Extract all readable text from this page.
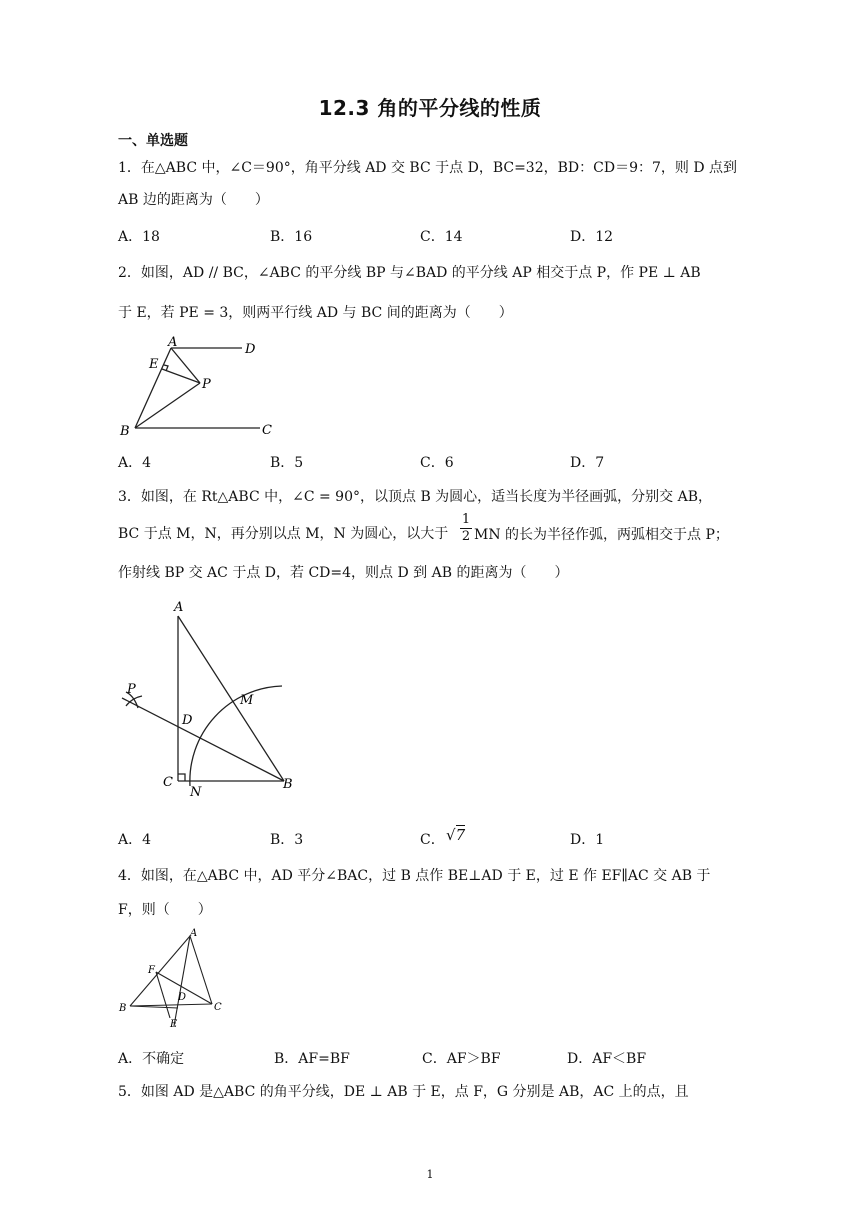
12.3 角的平分线的性质
一、单选题
1．在△ABC 中，∠C＝90°，角平分线 AD 交 BC 于点 D，BC=32，BD：CD＝9：7，则 D 点到
AB 边的距离为（　　）
A．18	B．16	C．14	D．12
2．如图，AD // BC，∠ABC 的平分线 BP 与∠BAD 的平分线 AP 相交于点 P，作 PE ⊥ AB
于 E，若 PE = 3，则两平行线 AD 与 BC 间的距离为（　　）
A	D
E
P
B	C
A．4	B．5	C．6	D．7
3．如图，在 Rt△ABC 中，∠C = 90°，以顶点 B 为圆心，适当长度为半径画弧，分别交 AB，
BC 于点 M，N，再分别以点 M，N 为圆心，以大于 $\frac{1}{2}$ MN 的长为半径作弧，两弧相交于点 P；
作射线 BP 交 AC 于点 D，若 CD=4，则点 D 到 AB 的距离为（　　）
A
M
P
D
C
N
B
A．4	B．3	C． √7	D．1
4．如图，在△ABC 中，AD 平分∠BAC，过 B 点作 BE⊥AD 于 E，过 E 作 EF∥AC 交 AB 于
F，则（　　）
A
F
D
B	C
E
A．不确定	B．AF=BF	C．AF＞BF	D．AF＜BF
5．如图 AD 是△ABC 的角平分线，DE ⊥ AB 于 E，点 F，G 分别是 AB，AC 上的点，且
1
